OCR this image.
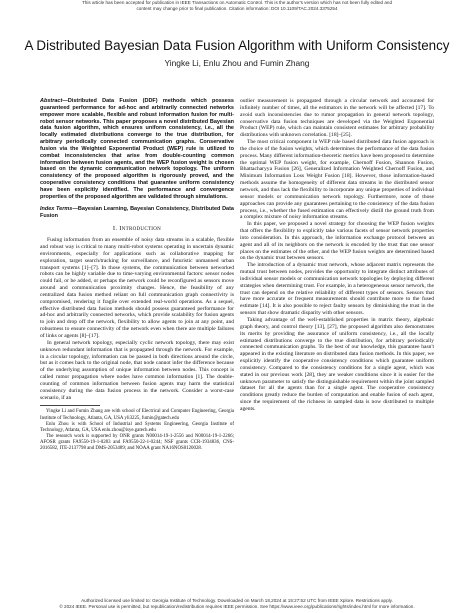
This article has been accepted for publication in IEEE Transactions on Automatic Control. This is the author's version which has not been fully edited and
content may change prior to final publication. Citation information: DOI 10.1109/TAC.2024.3375254
A Distributed Bayesian Data Fusion Algorithm with Uniform Consistency
Yingke Li, Enlu Zhou and Fumin Zhang

Abstract—Distributed Data Fusion (DDF) methods which possess guaranteed performance for ad-hoc and arbitrarily connected networks empower more scalable, flexible and robust information fusion for multi-robot sensor networks. This paper proposes a novel distributed Bayesian data fusion algorithm, which ensures uniform consistency, i.e., all the locally estimated distributions converge to the true distribution, for arbitrary periodically connected communication graphs. Conservative fusion via the Weighted Exponential Product (WEP) rule is utilized to combat inconsistencies that arise from double-counting common information between fusion agents, and the WEP fusion weight is chosen based on the dynamic communication network topology. The uniform consistency of the proposed algorithm is rigorously proved, and the cooperative consistency conditions that guarantee uniform consistency have been explicitly identified. The performance and convergence properties of the proposed algorithm are validated through simulations.

Index Terms—Bayesian Learning, Bayesian Consistency, Distributed Data Fusion

I. Introduction

Fusing information from an ensemble of noisy data streams in a scalable, flexible and robust way is critical to many multi-robot systems operating in uncertain dynamic environments, especially for applications such as collaborative mapping for exploration, target search/tracking for surveillance, and futuristic unmanned urban transport systems [1]–[7]. In those systems, the communication between networked robots can be highly variable due to time-varying environmental factors: sensor nodes could fail, or be added, or perhaps the network could be reconfigured as sensors move around and communication proximity changes. Hence, the feasibility of any centralized data fusion method reliant on full communication graph connectivity is compromised, rendering it fragile over extended real-world operations. As a sequel, effective distributed data fusion methods should possess guaranteed performance for ad-hoc and arbitrarily connected networks, which provide scalability for fusion agents to join and drop off the network, flexibility to allow agents to join at any point, and robustness to ensure connectivity of the network even when there are multiple failures of links or agents [8]–[17].

In general network topology, especially cyclic network topology, there may exist unknown redundant information that is propagated through the network. For example, in a circular topology, information can be passed in both directions around the circle, but as it comes back to the original node, that node cannot infer the difference because of the underlying assumption of unique information between nodes. This concept is called rumor propagation where nodes have common information [1]. The double-counting of common information between fusion agents may harm the statistical consistency during the data fusion process in the network. Consider a worst-case scenario, if an

Yingke Li and Fumin Zhang are with school of Electrical and Computer Engineering, Georgia Institute of Technology, Atlanta, GA, USA yli3225, fumin@gatech.edu

Enlu Zhou is with School of Industrial and Systems Engineering, Georgia Institute of Technology, Atlanta, GA, USA enlu.zhou@isye.gatech.edu

The research work is supported by ONR grants N00014-19-1-2556 and N00014-19-1-2266; AFOSR grants FA9550-19-1-0283 and FA9550-22-1-0244; NSF grants CCR-1934836, CNS-2016582, ITE-2137798 and DMS-2053489; and NOAA grant NA16NOS0120028.

outlier measurement is propagated through a circular network and accounted for infinitely number of times, all the estimators in the network will be affected [17]. To avoid such inconsistencies due to rumor propagation in general network topology, conservative data fusion techniques are developed via the Weighted Exponential Product (WEP) rule, which can maintain consistent estimates for arbitrary probability distributions with unknown correlation. [18]–[25].

The most critical component in WEP rule based distributed data fusion approach is the choice of the fusion weights, which determines the performance of the data fusion process. Many different information-theoretic metrics have been proposed to determine the optimal WEP fusion weight, for example, Chernoff Fusion, Shannon Fusion, Bhattacharyya Fusion [26], Generalized Information Weighted Chernoff Fusion, and Minimum Information Loss Weight Fusion [18]. However, those information-based methods assume the homogeneity of different data streams in the distributed sensor network, and thus lack the flexibility to incorporate any unique properties of individual sensor models or communication network topology. Furthermore, none of those approaches can provide any guarantees pertaining to the consistency of the data fusion process, i.e., whether the fused estimation can effectively distill the ground truth from a complex mixture of noisy information streams.

In this paper, we proposed a novel strategy for choosing the WEP fusion weights that offers the flexibility to explicitly take various facets of sensor network properties into consideration. In this approach, the information exchange protocol between an agent and all of its neighbors on the network is encoded by the trust that one sensor places on the estimates of the other, and the WEP fusion weights are determined based on the dynamic trust between sensors.

The introduction of a dynamic trust network, whose adjacent matrix represents the mutual trust between nodes, provides the opportunity to integrate distinct attributes of individual sensor models or communication network topologies by deploying different strategies when determining trust. For example, in a heterogeneous sensor network, the trust can depend on the relative reliability of different types of sensors. Sensors that have more accurate or frequent measurements should contribute more to the fused estimate [14]. It is also possible to reject faulty sensors by diminishing the trust in the sensors that show dramatic disparity with other sensors.

Taking advantage of the well-established properties in matrix theory, algebraic graph theory, and control theory [13], [27], the proposed algorithm also demonstrates its merits by providing the assurance of uniform consistency, i.e., all the locally estimated distributions converge to the true distribution, for arbitrary periodically connected communication graphs. To the best of our knowledge, this guarantee hasn't appeared in the existing literature on distributed data fusion methods. In this paper, we explicitly identify the cooperative consistency conditions which guarantee uniform consistency. Compared to the consistency conditions for a single agent, which was stated in our previous work [28], they are weaker conditions since it is easier for the unknown parameter to satisfy the distinguishable requirement within the joint sampled dataset for all the agents than for a single agent. The cooperative consistency conditions greatly reduce the burden of computation and enable fusion of each agent, since the requirement of the richness in sampled data is now distributed to multiple agents.

Authorized licensed use limited to: Georgia Institute of Technology. Downloaded on March 18,2024 at 15:27:52 UTC from IEEE Xplore. Restrictions apply.
© 2024 IEEE. Personal use is permitted, but republication/redistribution requires IEEE permission. See https://www.ieee.org/publications/rights/index.html for more information.
